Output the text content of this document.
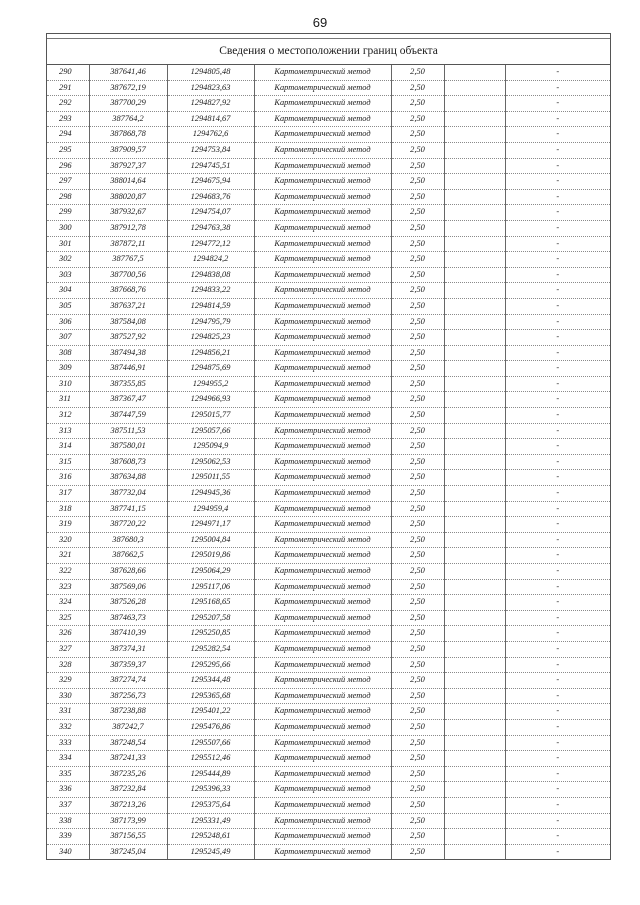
69
Сведения о местоположении границ объекта
290	387641,46	1294805,48	Картометрический метод	2,50		-
291	387672,19	1294823,63	Картометрический метод	2,50		-
292	387700,29	1294827,92	Картометрический метод	2,50		-
293	387764,2	1294814,67	Картометрический метод	2,50		-
294	387868,78	1294762,6	Картометрический метод	2,50		-
295	387909,57	1294753,84	Картометрический метод	2,50		-
296	387927,37	1294745,51	Картометрический метод	2,50		-
297	388014,64	1294675,94	Картометрический метод	2,50		-
298	388020,87	1294683,76	Картометрический метод	2,50		-
299	387932,67	1294754,07	Картометрический метод	2,50		-
300	387912,78	1294763,38	Картометрический метод	2,50		-
301	387872,11	1294772,12	Картометрический метод	2,50		-
302	387767,5	1294824,2	Картометрический метод	2,50		-
303	387700,56	1294838,08	Картометрический метод	2,50		-
304	387668,76	1294833,22	Картометрический метод	2,50		-
305	387637,21	1294814,59	Картометрический метод	2,50		-
306	387584,08	1294795,79	Картометрический метод	2,50		-
307	387527,92	1294825,23	Картометрический метод	2,50		-
308	387494,38	1294856,21	Картометрический метод	2,50		-
309	387446,91	1294875,69	Картометрический метод	2,50		-
310	387355,85	1294955,2	Картометрический метод	2,50		-
311	387367,47	1294966,93	Картометрический метод	2,50		-
312	387447,59	1295015,77	Картометрический метод	2,50		-
313	387511,53	1295057,66	Картометрический метод	2,50		-
314	387580,01	1295094,9	Картометрический метод	2,50		-
315	387608,73	1295062,53	Картометрический метод	2,50		-
316	387634,88	1295011,55	Картометрический метод	2,50		-
317	387732,04	1294945,36	Картометрический метод	2,50		-
318	387741,15	1294959,4	Картометрический метод	2,50		-
319	387720,22	1294971,17	Картометрический метод	2,50		-
320	387680,3	1295004,84	Картометрический метод	2,50		-
321	387662,5	1295019,86	Картометрический метод	2,50		-
322	387628,66	1295064,29	Картометрический метод	2,50		-
323	387569,06	1295117,06	Картометрический метод	2,50		-
324	387526,28	1295168,65	Картометрический метод	2,50		-
325	387463,73	1295207,58	Картометрический метод	2,50		-
326	387410,39	1295250,85	Картометрический метод	2,50		-
327	387374,31	1295282,54	Картометрический метод	2,50		-
328	387359,37	1295295,66	Картометрический метод	2,50		-
329	387274,74	1295344,48	Картометрический метод	2,50		-
330	387256,73	1295365,68	Картометрический метод	2,50		-
331	387238,88	1295401,22	Картометрический метод	2,50		-
332	387242,7	1295476,86	Картометрический метод	2,50		-
333	387248,54	1295507,66	Картометрический метод	2,50		-
334	387241,33	1295512,46	Картометрический метод	2,50		-
335	387235,26	1295444,89	Картометрический метод	2,50		-
336	387232,84	1295396,33	Картометрический метод	2,50		-
337	387213,26	1295375,64	Картометрический метод	2,50		-
338	387173,99	1295331,49	Картометрический метод	2,50		-
339	387156,55	1295248,61	Картометрический метод	2,50		-
340	387245,04	1295245,49	Картометрический метод	2,50		-
